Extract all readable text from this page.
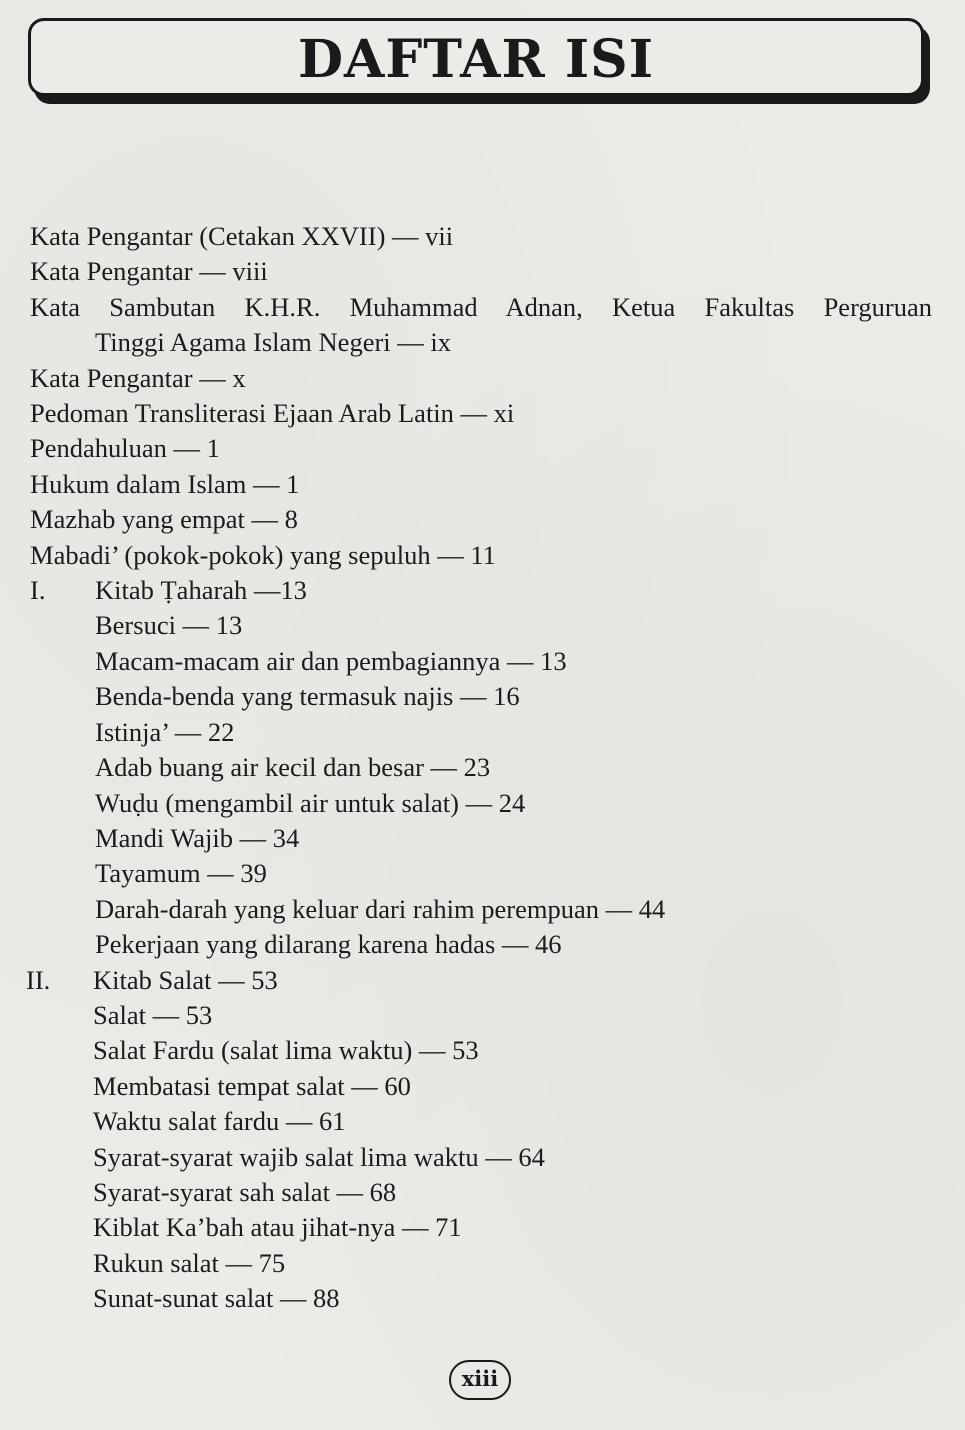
DAFTAR ISI
Kata Pengantar (Cetakan XXVII) — vii
Kata Pengantar — viii
Kata Sambutan K.H.R. Muhammad Adnan, Ketua Fakultas Perguruan
Tinggi Agama Islam Negeri — ix
Kata Pengantar — x
Pedoman Transliterasi Ejaan Arab Latin — xi
Pendahuluan — 1
Hukum dalam Islam — 1
Mazhab yang empat — 8
Mabadi’ (pokok-pokok) yang sepuluh — 11
I. Kitab Ṭaharah —13
Bersuci — 13
Macam-macam air dan pembagiannya — 13
Benda-benda yang termasuk najis — 16
Istinja’ — 22
Adab buang air kecil dan besar — 23
Wuḍu (mengambil air untuk salat) — 24
Mandi Wajib — 34
Tayamum — 39
Darah-darah yang keluar dari rahim perempuan — 44
Pekerjaan yang dilarang karena hadas — 46
II. Kitab Salat — 53
Salat — 53
Salat Fardu (salat lima waktu) — 53
Membatasi tempat salat — 60
Waktu salat fardu — 61
Syarat-syarat wajib salat lima waktu — 64
Syarat-syarat sah salat — 68
Kiblat Ka’bah atau jihat-nya — 71
Rukun salat — 75
Sunat-sunat salat — 88
xiii
